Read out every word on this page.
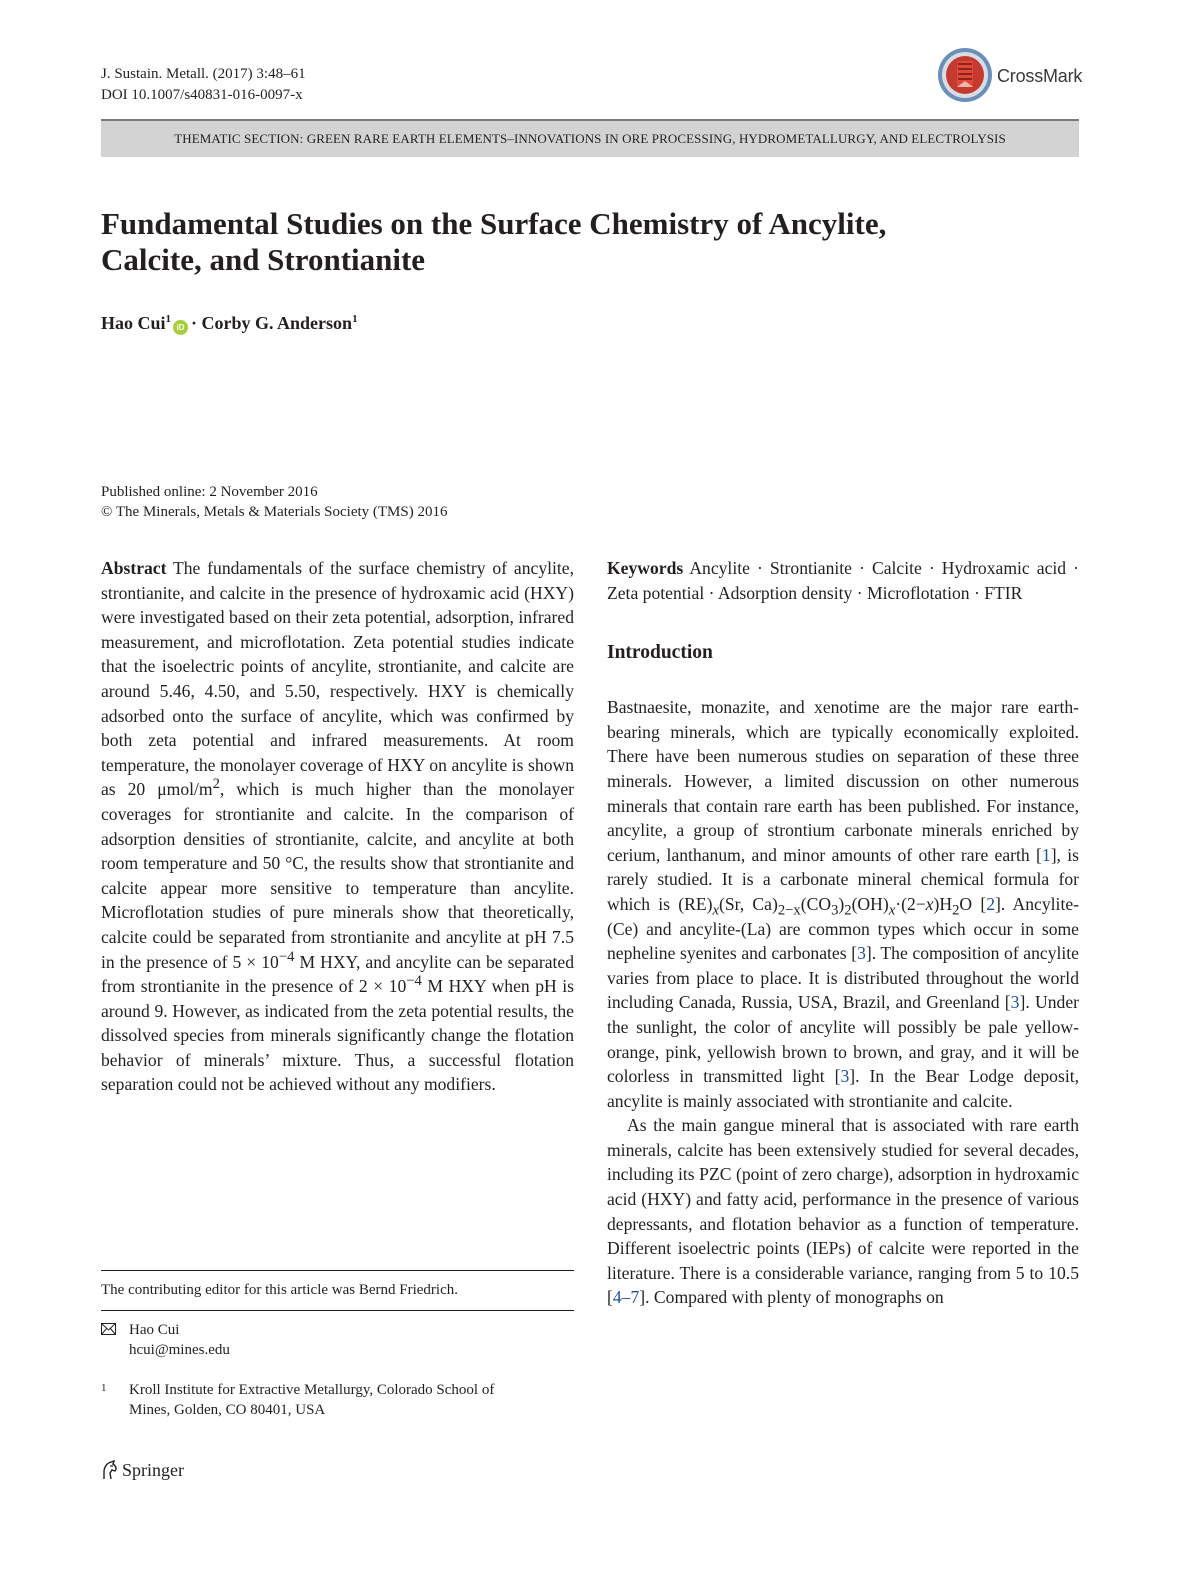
J. Sustain. Metall. (2017) 3:48–61
DOI 10.1007/s40831-016-0097-x
CrossMark
THEMATIC SECTION: GREEN RARE EARTH ELEMENTS–INNOVATIONS IN ORE PROCESSING, HYDROMETALLURGY, AND ELECTROLYSIS
Fundamental Studies on the Surface Chemistry of Ancylite,
Calcite, and Strontianite
Hao Cui$^1$iD · Corby G. Anderson$^1$
Published online: 2 November 2016
© The Minerals, Metals & Materials Society (TMS) 2016

Abstract The fundamentals of the surface chemistry of ancylite, strontianite, and calcite in the presence of hydroxamic acid (HXY) were investigated based on their zeta potential, adsorption, infrared measurement, and microflotation. Zeta potential studies indicate that the isoelectric points of ancylite, strontianite, and calcite are around 5.46, 4.50, and 5.50, respectively. HXY is chemically adsorbed onto the surface of ancylite, which was confirmed by both zeta potential and infrared measurements. At room temperature, the monolayer coverage of HXY on ancylite is shown as 20 μmol/$m^2$, which is much higher than the monolayer coverages for strontianite and calcite. In the comparison of adsorption densities of strontianite, calcite, and ancylite at both room temperature and 50 °C, the results show that strontianite and calcite appear more sensitive to temperature than ancylite. Microflotation studies of pure minerals show that theoretically, calcite could be separated from strontianite and ancylite at pH 7.5 in the presence of $5 \times 10^{-4}$ M HXY, and ancylite can be separated from strontianite in the presence of $2 \times 10^{-4}$ M HXY when pH is around 9. However, as indicated from the zeta potential results, the dissolved species from minerals significantly change the flotation behavior of minerals’ mixture. Thus, a successful flotation separation could not be achieved without any modifiers.

The contributing editor for this article was Bernd Friedrich.
Hao Cui
hcui@mines.edu
1 Kroll Institute for Extractive Metallurgy, Colorado School of
Mines, Golden, CO 80401, USA
Springer

Keywords Ancylite · Strontianite · Calcite · Hydroxamic acid · Zeta potential · Adsorption density · Microflotation · FTIR

Introduction

Bastnaesite, monazite, and xenotime are the major rare earth-bearing minerals, which are typically economically exploited. There have been numerous studies on separation of these three minerals. However, a limited discussion on other numerous minerals that contain rare earth has been published. For instance, ancylite, a group of strontium carbonate minerals enriched by cerium, lanthanum, and minor amounts of other rare earth [1], is rarely studied. It is a carbonate mineral chemical formula for which is $(RE)_x(Sr$, $Ca)_{2-x}(CO_3)_2(OH)_x\cdot(2-x)H_2O$ [2]. Ancylite-(Ce) and ancylite-(La) are common types which occur in some nepheline syenites and carbonates [3]. The composition of ancylite varies from place to place. It is distributed throughout the world including Canada, Russia, USA, Brazil, and Greenland [3]. Under the sunlight, the color of ancylite will possibly be pale yellow-orange, pink, yellowish brown to brown, and gray, and it will be colorless in transmitted light [3]. In the Bear Lodge deposit, ancylite is mainly associated with strontianite and calcite.

As the main gangue mineral that is associated with rare earth minerals, calcite has been extensively studied for several decades, including its PZC (point of zero charge), adsorption in hydroxamic acid (HXY) and fatty acid, performance in the presence of various depressants, and flotation behavior as a function of temperature. Different isoelectric points (IEPs) of calcite were reported in the literature. There is a considerable variance, ranging from 5 to 10.5 [4–7]. Compared with plenty of monographs on
